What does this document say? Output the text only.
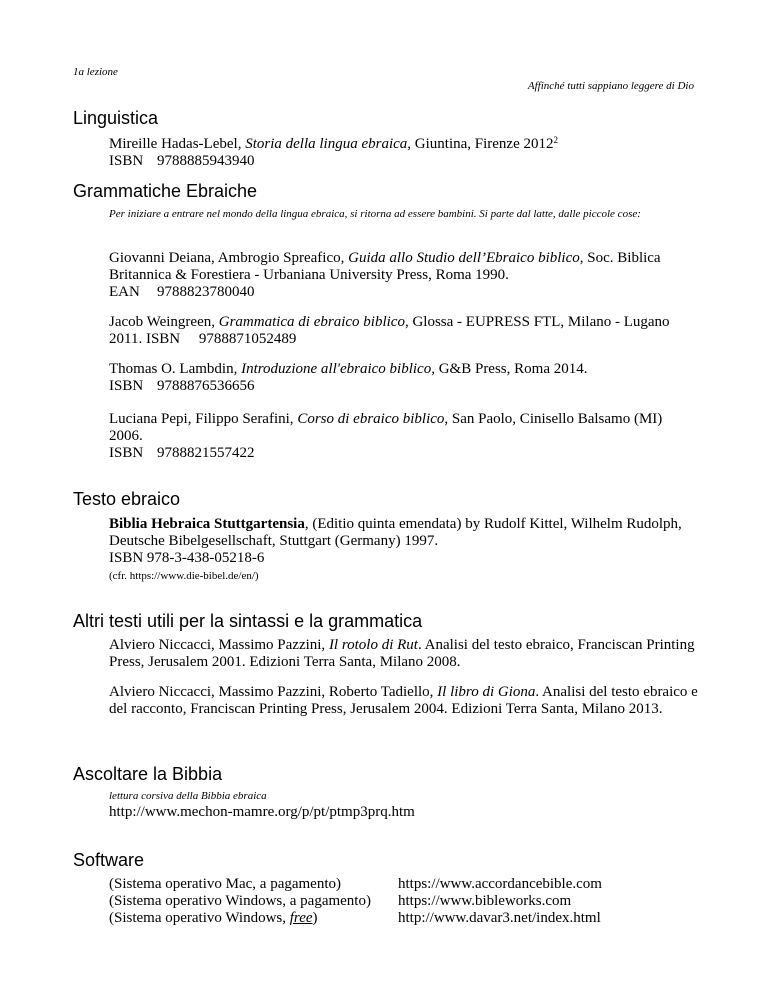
1a lezione
Affinché tutti sappiano leggere di Dio
Linguistica
Mireille Hadas-Lebel, Storia della lingua ebraica, Giuntina, Firenze 2012$^2$
ISBN 9788885943940
Grammatiche Ebraiche
Per iniziare a entrare nel mondo della lingua ebraica, si ritorna ad essere bambini. Si parte dal latte, dalle piccole cose:
Giovanni Deiana, Ambrogio Spreafico, Guida allo Studio dell’Ebraico biblico, Soc. Biblica Britannica & Forestiera - Urbaniana University Press, Roma 1990.
EAN 9788823780040
Jacob Weingreen, Grammatica di ebraico biblico, Glossa - EUPRESS FTL, Milano - Lugano 2011. ISBN 9788871052489
Thomas O. Lambdin, Introduzione all'ebraico biblico, G&B Press, Roma 2014.
ISBN 9788876536656
Luciana Pepi, Filippo Serafini, Corso di ebraico biblico, San Paolo, Cinisello Balsamo (MI) 2006.
ISBN 9788821557422
Testo ebraico
Biblia Hebraica Stuttgartensia, (Editio quinta emendata) by Rudolf Kittel, Wilhelm Rudolph, Deutsche Bibelgesellschaft, Stuttgart (Germany) 1997.
ISBN 978-3-438-05218-6
(cfr. https://www.die-bibel.de/en/)
Altri testi utili per la sintassi e la grammatica
Alviero Niccacci, Massimo Pazzini, Il rotolo di Rut. Analisi del testo ebraico, Franciscan Printing Press, Jerusalem 2001. Edizioni Terra Santa, Milano 2008.
Alviero Niccacci, Massimo Pazzini, Roberto Tadiello, Il libro di Giona. Analisi del testo ebraico e del racconto, Franciscan Printing Press, Jerusalem 2004. Edizioni Terra Santa, Milano 2013.
Ascoltare la Bibbia
lettura corsiva della Bibbia ebraica
http://www.mechon-mamre.org/p/pt/ptmp3prq.htm
Software
(Sistema operativo Mac, a pagamento)	https://www.accordancebible.com
(Sistema operativo Windows, a pagamento) https://www.bibleworks.com
(Sistema operativo Windows, free)	http://www.davar3.net/index.html
